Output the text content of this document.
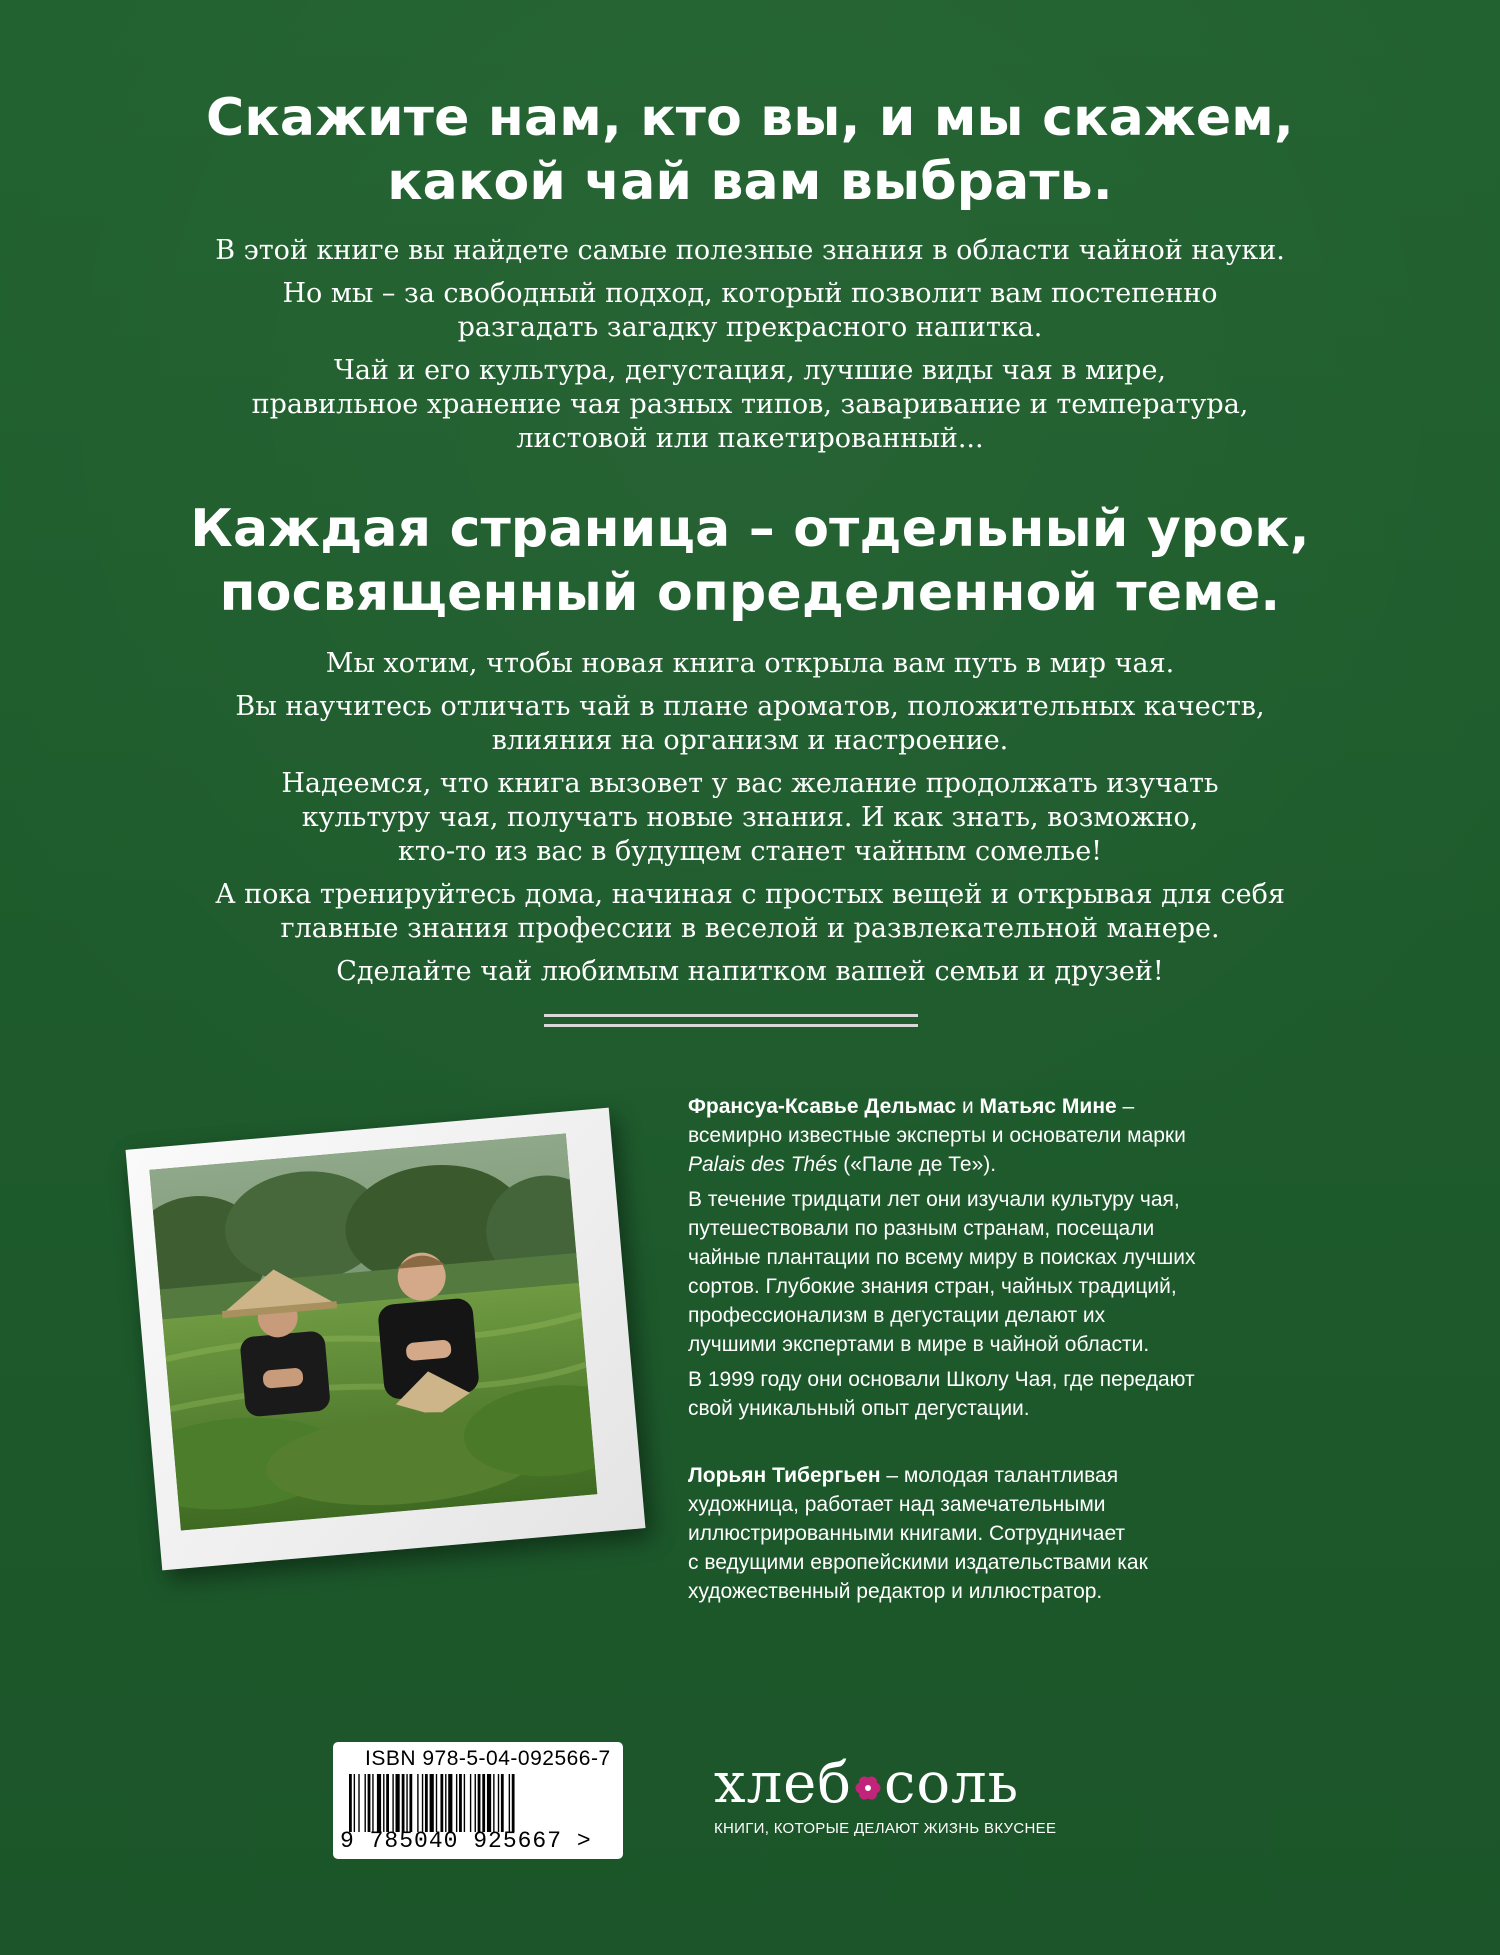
Скажите нам, кто вы, и мы скажем,
какой чай вам выбрать.

В этой книге вы найдете самые полезные знания в области чайной науки.

Но мы – за свободный подход, который позволит вам постепенно
разгадать загадку прекрасного напитка.

Чай и его культура, дегустация, лучшие виды чая в мире,
правильное хранение чая разных типов, заваривание и температура,
листовой или пакетированный...

Каждая страница – отдельный урок,
посвященный определенной теме.

Мы хотим, чтобы новая книга открыла вам путь в мир чая.

Вы научитесь отличать чай в плане ароматов, положительных качеств,
влияния на организм и настроение.

Надеемся, что книга вызовет у вас желание продолжать изучать
культуру чая, получать новые знания. И как знать, возможно,
кто-то из вас в будущем станет чайным сомелье!

А пока тренируйтесь дома, начиная с простых вещей и открывая для себя
главные знания профессии в веселой и развлекательной манере.

Сделайте чай любимым напитком вашей семьи и друзей!

Франсуа-Ксавье Дельмас и Матьяс Мине –
всемирно известные эксперты и основатели марки
Palais des Thés («Пале де Те»).

В течение тридцати лет они изучали культуру чая,
путешествовали по разным странам, посещали
чайные плантации по всему миру в поисках лучших
сортов. Глубокие знания стран, чайных традиций,
профессионализм в дегустации делают их
лучшими экспертами в мире в чайной области.

В 1999 году они основали Школу Чая, где передают
свой уникальный опыт дегустации.

Лорьян Тибергьен – молодая талантливая
художница, работает над замечательными
иллюстрированными книгами. Сотрудничает
с ведущими европейскими издательствами как
художественный редактор и иллюстратор.

ISBN 978-5-04-092566-7
9 785040 925667 >
хлеб соль
КНИГИ, КОТОРЫЕ ДЕЛАЮТ ЖИЗНЬ ВКУСНЕЕ
